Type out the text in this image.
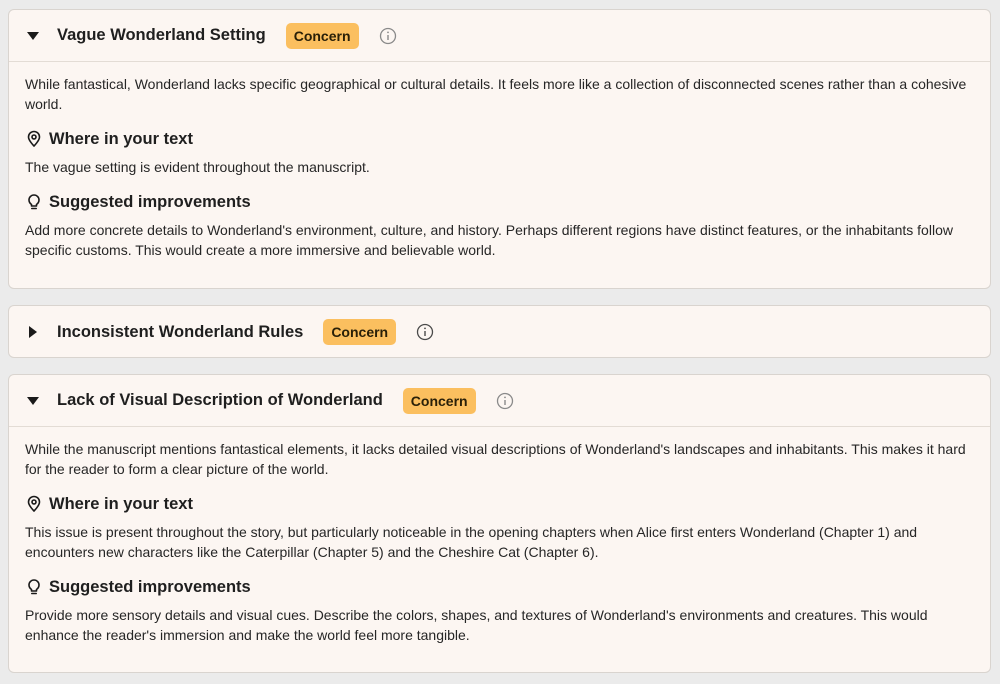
Vague Wonderland Setting	Concern

While fantastical, Wonderland lacks specific geographical or cultural details. It feels more like a collection of disconnected scenes rather than a cohesive world.

Where in your text

The vague setting is evident throughout the manuscript.

Suggested improvements

Add more concrete details to Wonderland's environment, culture, and history. Perhaps different regions have distinct features, or the inhabitants follow specific customs. This would create a more immersive and believable world.

Inconsistent Wonderland Rules	Concern
Lack of Visual Description of Wonderland	Concern

While the manuscript mentions fantastical elements, it lacks detailed visual descriptions of Wonderland's landscapes and inhabitants. This makes it hard for the reader to form a clear picture of the world.

Where in your text

This issue is present throughout the story, but particularly noticeable in the opening chapters when Alice first enters Wonderland (Chapter 1) and encounters new characters like the Caterpillar (Chapter 5) and the Cheshire Cat (Chapter 6).

Suggested improvements

Provide more sensory details and visual cues. Describe the colors, shapes, and textures of Wonderland's environments and creatures. This would enhance the reader's immersion and make the world feel more tangible.
